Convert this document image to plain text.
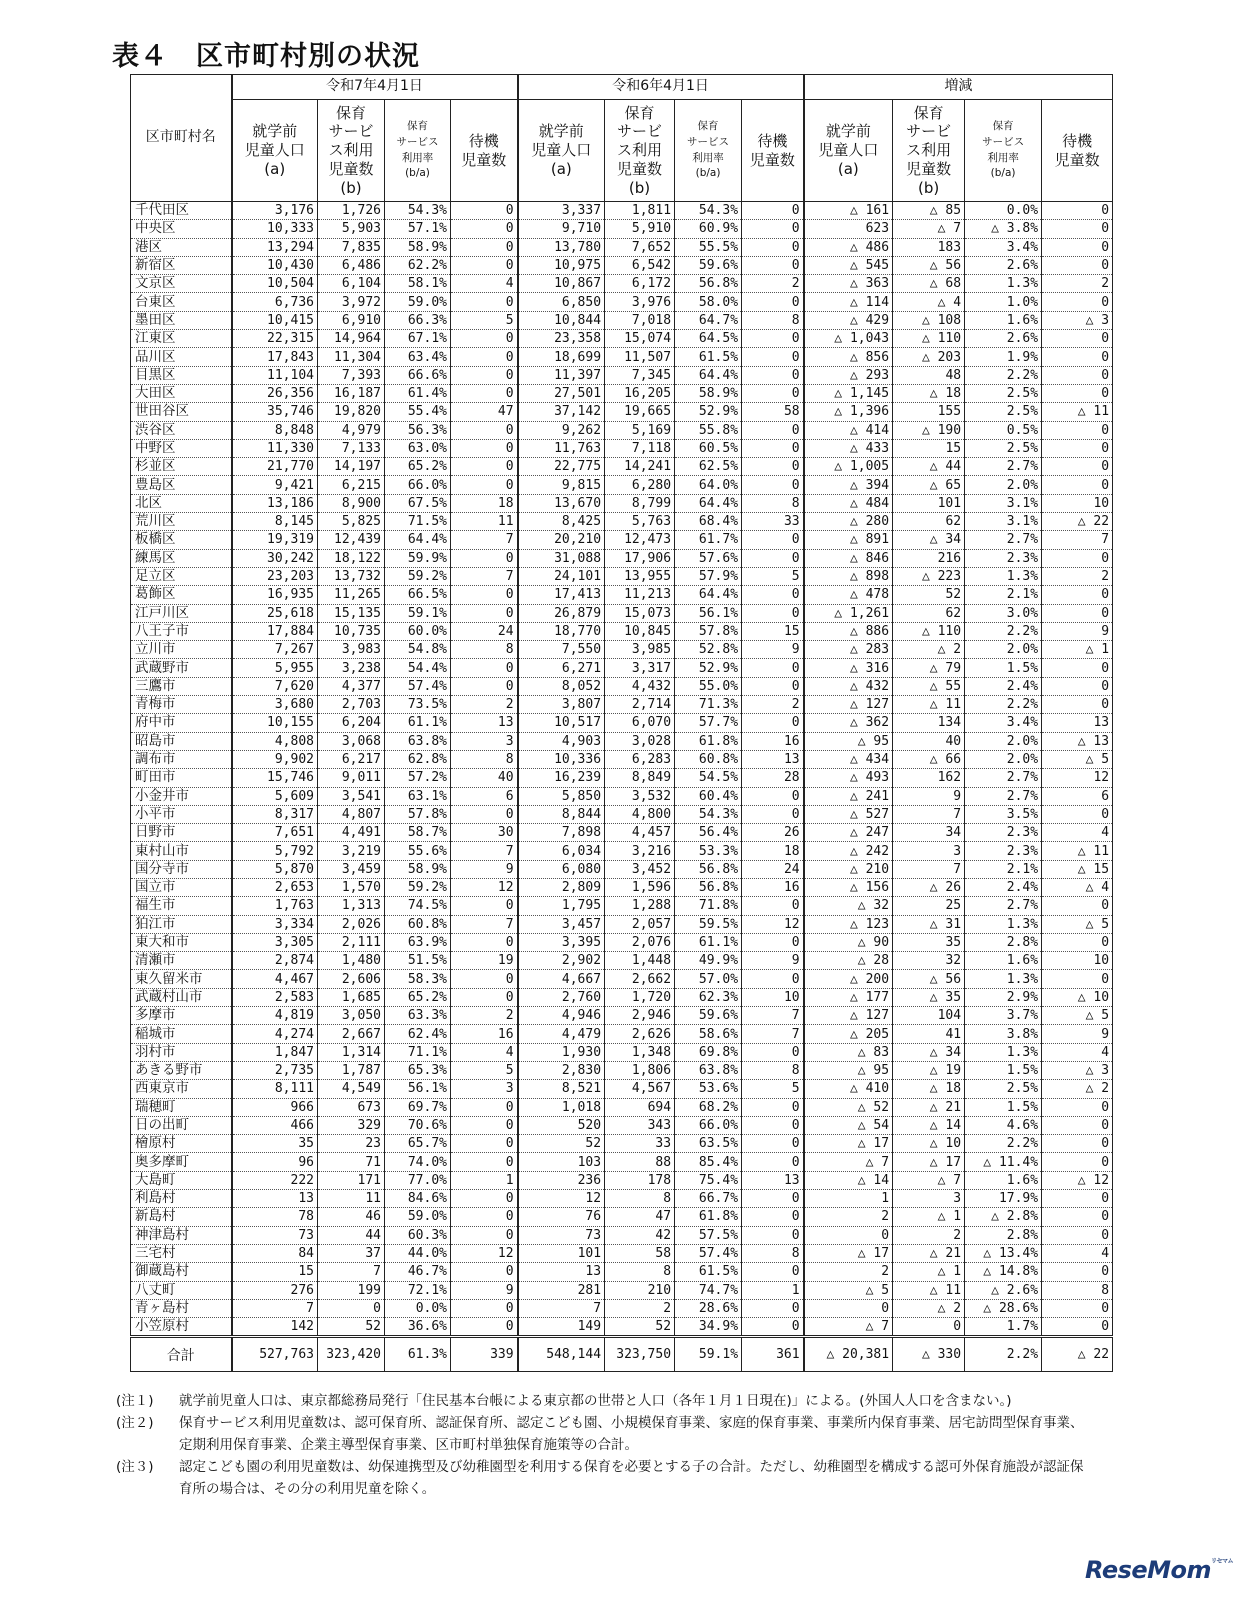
表４ 区市町村別の状況
区市町村名	令和7年4月1日				令和6年4月1日				増減			
	就学前
児童人口
(a)	保育
サービ
ス利用
児童数
(b)	保育
サービス
利用率
(b/a)	待機
児童数	就学前
児童人口
(a)	保育
サービ
ス利用
児童数
(b)	保育
サービス
利用率
(b/a)	待機
児童数	就学前
児童人口
(a)	保育
サービ
ス利用
児童数
(b)	保育
サービス
利用率
(b/a)	待機
児童数
千代田区	3,176	1,726	54.3%	0	3,337	1,811	54.3%	0	△ 161	△ 85	0.0%	0
中央区	10,333	5,903	57.1%	0	9,710	5,910	60.9%	0	623	△ 7	△ 3.8%	0
港区	13,294	7,835	58.9%	0	13,780	7,652	55.5%	0	△ 486	183	3.4%	0
新宿区	10,430	6,486	62.2%	0	10,975	6,542	59.6%	0	△ 545	△ 56	2.6%	0
文京区	10,504	6,104	58.1%	4	10,867	6,172	56.8%	2	△ 363	△ 68	1.3%	2
台東区	6,736	3,972	59.0%	0	6,850	3,976	58.0%	0	△ 114	△ 4	1.0%	0
墨田区	10,415	6,910	66.3%	5	10,844	7,018	64.7%	8	△ 429	△ 108	1.6%	△ 3
江東区	22,315	14,964	67.1%	0	23,358	15,074	64.5%	0	△ 1,043	△ 110	2.6%	0
品川区	17,843	11,304	63.4%	0	18,699	11,507	61.5%	0	△ 856	△ 203	1.9%	0
目黒区	11,104	7,393	66.6%	0	11,397	7,345	64.4%	0	△ 293	48	2.2%	0
大田区	26,356	16,187	61.4%	0	27,501	16,205	58.9%	0	△ 1,145	△ 18	2.5%	0
世田谷区	35,746	19,820	55.4%	47	37,142	19,665	52.9%	58	△ 1,396	155	2.5%	△ 11
渋谷区	8,848	4,979	56.3%	0	9,262	5,169	55.8%	0	△ 414	△ 190	0.5%	0
中野区	11,330	7,133	63.0%	0	11,763	7,118	60.5%	0	△ 433	15	2.5%	0
杉並区	21,770	14,197	65.2%	0	22,775	14,241	62.5%	0	△ 1,005	△ 44	2.7%	0
豊島区	9,421	6,215	66.0%	0	9,815	6,280	64.0%	0	△ 394	△ 65	2.0%	0
北区	13,186	8,900	67.5%	18	13,670	8,799	64.4%	8	△ 484	101	3.1%	10
荒川区	8,145	5,825	71.5%	11	8,425	5,763	68.4%	33	△ 280	62	3.1%	△ 22
板橋区	19,319	12,439	64.4%	7	20,210	12,473	61.7%	0	△ 891	△ 34	2.7%	7
練馬区	30,242	18,122	59.9%	0	31,088	17,906	57.6%	0	△ 846	216	2.3%	0
足立区	23,203	13,732	59.2%	7	24,101	13,955	57.9%	5	△ 898	△ 223	1.3%	2
葛飾区	16,935	11,265	66.5%	0	17,413	11,213	64.4%	0	△ 478	52	2.1%	0
江戸川区	25,618	15,135	59.1%	0	26,879	15,073	56.1%	0	△ 1,261	62	3.0%	0
八王子市	17,884	10,735	60.0%	24	18,770	10,845	57.8%	15	△ 886	△ 110	2.2%	9
立川市	7,267	3,983	54.8%	8	7,550	3,985	52.8%	9	△ 283	△ 2	2.0%	△ 1
武蔵野市	5,955	3,238	54.4%	0	6,271	3,317	52.9%	0	△ 316	△ 79	1.5%	0
三鷹市	7,620	4,377	57.4%	0	8,052	4,432	55.0%	0	△ 432	△ 55	2.4%	0
青梅市	3,680	2,703	73.5%	2	3,807	2,714	71.3%	2	△ 127	△ 11	2.2%	0
府中市	10,155	6,204	61.1%	13	10,517	6,070	57.7%	0	△ 362	134	3.4%	13
昭島市	4,808	3,068	63.8%	3	4,903	3,028	61.8%	16	△ 95	40	2.0%	△ 13
調布市	9,902	6,217	62.8%	8	10,336	6,283	60.8%	13	△ 434	△ 66	2.0%	△ 5
町田市	15,746	9,011	57.2%	40	16,239	8,849	54.5%	28	△ 493	162	2.7%	12
小金井市	5,609	3,541	63.1%	6	5,850	3,532	60.4%	0	△ 241	9	2.7%	6
小平市	8,317	4,807	57.8%	0	8,844	4,800	54.3%	0	△ 527	7	3.5%	0
日野市	7,651	4,491	58.7%	30	7,898	4,457	56.4%	26	△ 247	34	2.3%	4
東村山市	5,792	3,219	55.6%	7	6,034	3,216	53.3%	18	△ 242	3	2.3%	△ 11
国分寺市	5,870	3,459	58.9%	9	6,080	3,452	56.8%	24	△ 210	7	2.1%	△ 15
国立市	2,653	1,570	59.2%	12	2,809	1,596	56.8%	16	△ 156	△ 26	2.4%	△ 4
福生市	1,763	1,313	74.5%	0	1,795	1,288	71.8%	0	△ 32	25	2.7%	0
狛江市	3,334	2,026	60.8%	7	3,457	2,057	59.5%	12	△ 123	△ 31	1.3%	△ 5
東大和市	3,305	2,111	63.9%	0	3,395	2,076	61.1%	0	△ 90	35	2.8%	0
清瀬市	2,874	1,480	51.5%	19	2,902	1,448	49.9%	9	△ 28	32	1.6%	10
東久留米市	4,467	2,606	58.3%	0	4,667	2,662	57.0%	0	△ 200	△ 56	1.3%	0
武蔵村山市	2,583	1,685	65.2%	0	2,760	1,720	62.3%	10	△ 177	△ 35	2.9%	△ 10
多摩市	4,819	3,050	63.3%	2	4,946	2,946	59.6%	7	△ 127	104	3.7%	△ 5
稲城市	4,274	2,667	62.4%	16	4,479	2,626	58.6%	7	△ 205	41	3.8%	9
羽村市	1,847	1,314	71.1%	4	1,930	1,348	69.8%	0	△ 83	△ 34	1.3%	4
あきる野市	2,735	1,787	65.3%	5	2,830	1,806	63.8%	8	△ 95	△ 19	1.5%	△ 3
西東京市	8,111	4,549	56.1%	3	8,521	4,567	53.6%	5	△ 410	△ 18	2.5%	△ 2
瑞穂町	966	673	69.7%	0	1,018	694	68.2%	0	△ 52	△ 21	1.5%	0
日の出町	466	329	70.6%	0	520	343	66.0%	0	△ 54	△ 14	4.6%	0
檜原村	35	23	65.7%	0	52	33	63.5%	0	△ 17	△ 10	2.2%	0
奥多摩町	96	71	74.0%	0	103	88	85.4%	0	△ 7	△ 17	△ 11.4%	0
大島町	222	171	77.0%	1	236	178	75.4%	13	△ 14	△ 7	1.6%	△ 12
利島村	13	11	84.6%	0	12	8	66.7%	0	1	3	17.9%	0
新島村	78	46	59.0%	0	76	47	61.8%	0	2	△ 1	△ 2.8%	0
神津島村	73	44	60.3%	0	73	42	57.5%	0	0	2	2.8%	0
三宅村	84	37	44.0%	12	101	58	57.4%	8	△ 17	△ 21	△ 13.4%	4
御蔵島村	15	7	46.7%	0	13	8	61.5%	0	2	△ 1	△ 14.8%	0
八丈町	276	199	72.1%	9	281	210	74.7%	1	△ 5	△ 11	△ 2.6%	8
青ヶ島村	7	0	0.0%	0	7	2	28.6%	0	0	△ 2	△ 28.6%	0
小笠原村	142	52	36.6%	0	149	52	34.9%	0	△ 7	0	1.7%	0
合計	527,763	323,420	61.3%	339	548,144	323,750	59.1%	361	△ 20,381	△ 330	2.2%	△ 22
(注１) 就学前児童人口は、東京都総務局発行「住民基本台帳による東京都の世帯と人口（各年１月１日現在)」による。(外国人人口を含まない。)
(注２) 保育サービス利用児童数は、認可保育所、認証保育所、認定こども園、小規模保育事業、家庭的保育事業、事業所内保育事業、居宅訪問型保育事業、定期利用保育事業、企業主導型保育事業、区市町村単独保育施策等の合計。
(注３) 認定こども園の利用児童数は、幼保連携型及び幼稚園型を利用する保育を必要とする子の合計。ただし、幼稚園型を構成する認可外保育施設が認証保育所の場合は、その分の利用児童を除く。
ReseMom$^{リセマム}$
